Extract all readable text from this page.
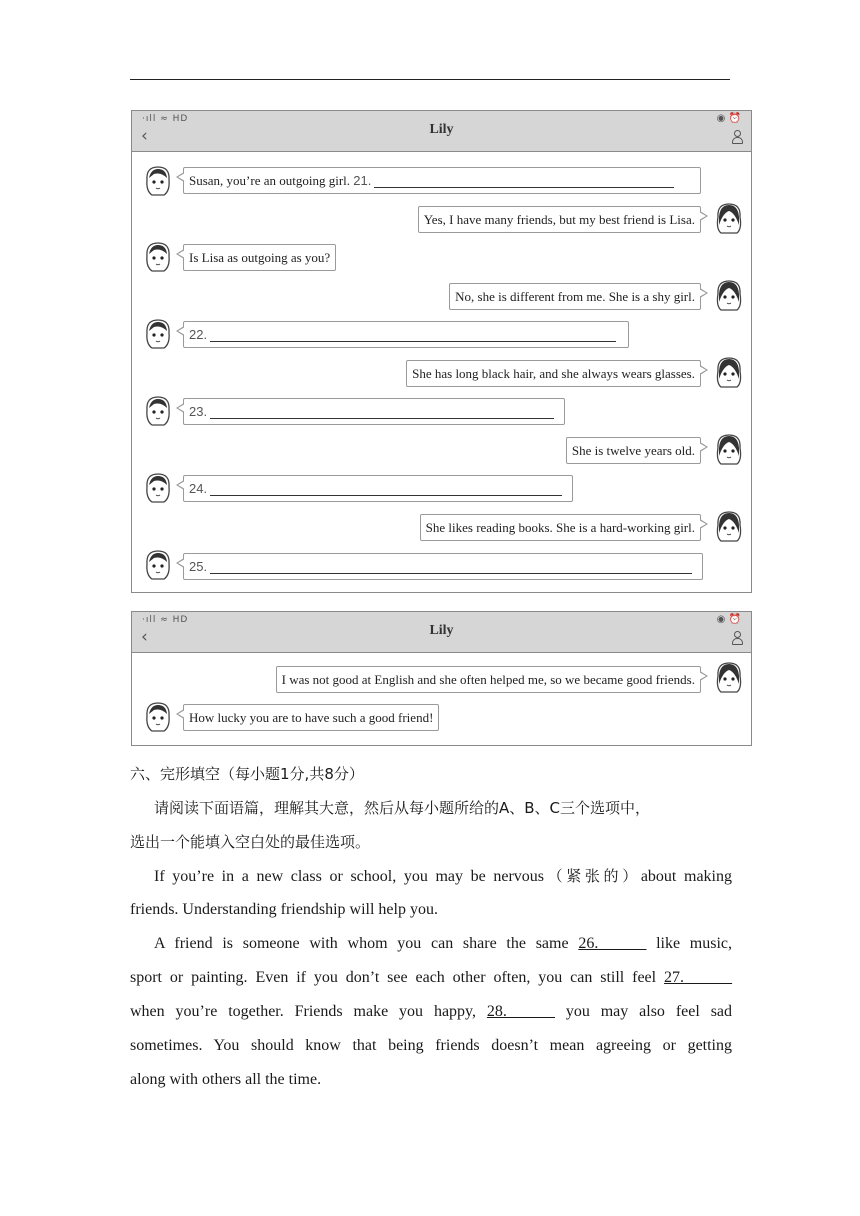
·ıll ≈ HD	◉ ⏰
‹	Lily
Susan, you’re an outgoing girl. 21.
Yes, I have many friends, but my best friend is Lisa.
Is Lisa as outgoing as you?
No, she is different from me. She is a shy girl.
22.
She has long black hair, and she always wears glasses.
23.
She is twelve years old.
24.
She likes reading books. She is a hard-working girl.
25.
·ıll ≈ HD	◉ ⏰
‹	Lily
I was not good at English and she often helped me, so we became good friends.
How lucky you are to have such a good friend!
六、完形填空（每小题1分,共8分）
请阅读下面语篇，理解其大意，然后从每小题所给的A、B、C三个选项中，
选出一个能填入空白处的最佳选项。
If you’re in a new class or school, you may be nervous（紧张的）about making
friends. Understanding friendship will help you.
A friend is someone with whom you can share the same 26.______ like music,
sport or painting. Even if you don’t see each other often, you can still feel 27.______
when you’re together. Friends make you happy, 28.______ you may also feel sad
sometimes. You should know that being friends doesn’t mean agreeing or getting
along with others all the time.
